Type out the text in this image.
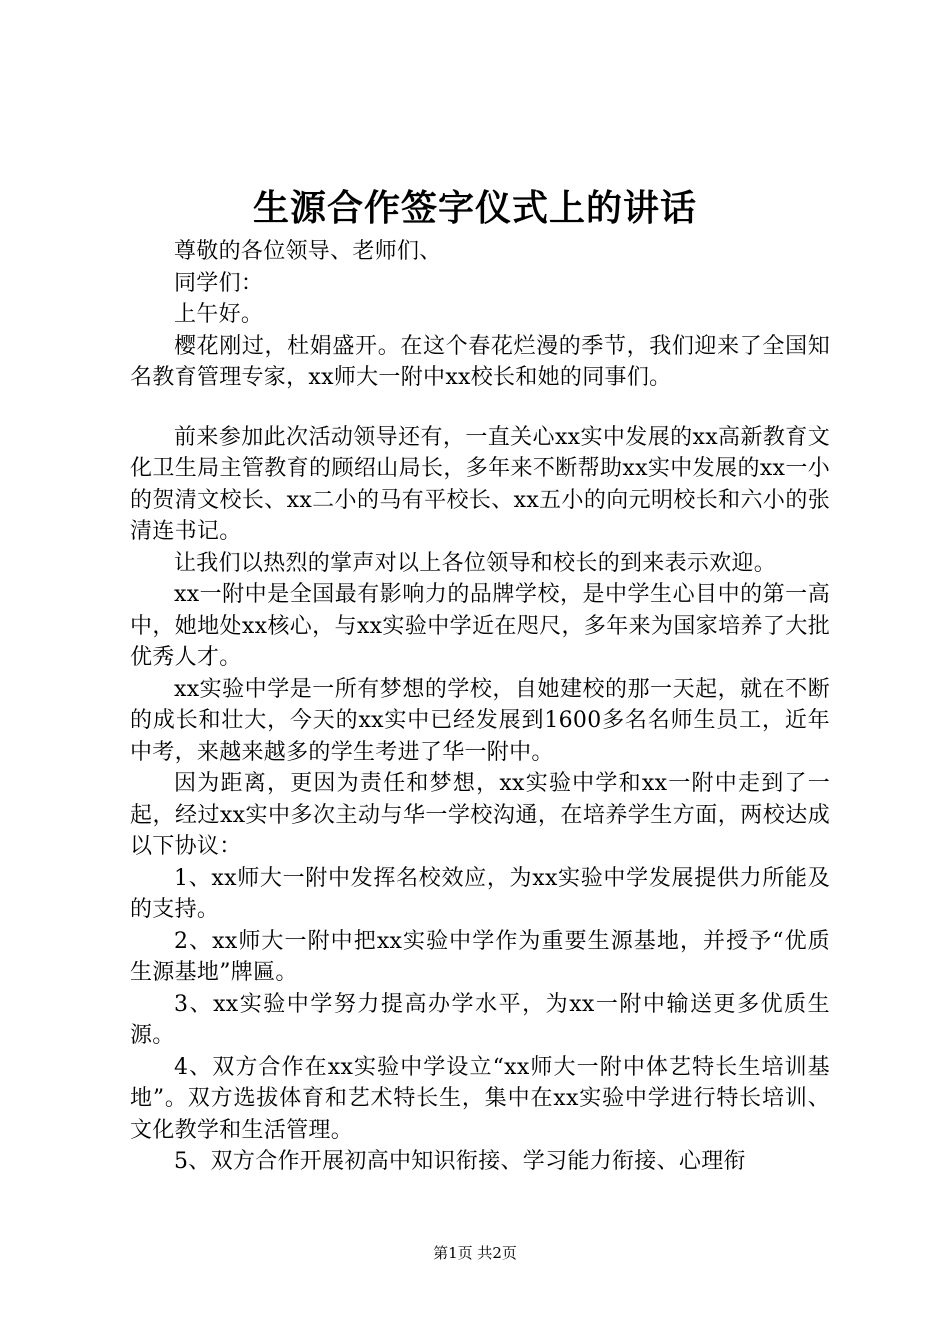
生源合作签字仪式上的讲话

尊敬的各位领导、老师们、

同学们：

上午好。

樱花刚过，杜娟盛开。在这个春花烂漫的季节，我们迎来了全国知名教育管理专家，xx师大一附中xx校长和她的同事们。

前来参加此次活动领导还有，一直关心xx实中发展的xx高新教育文化卫生局主管教育的顾绍山局长，多年来不断帮助xx实中发展的xx一小的贺清文校长、xx二小的马有平校长、xx五小的向元明校长和六小的张清连书记。

让我们以热烈的掌声对以上各位领导和校长的到来表示欢迎。

xx一附中是全国最有影响力的品牌学校，是中学生心目中的第一高中，她地处xx核心，与xx实验中学近在咫尺，多年来为国家培养了大批优秀人才。

xx实验中学是一所有梦想的学校，自她建校的那一天起，就在不断的成长和壮大，今天的xx实中已经发展到1600多名名师生员工，近年中考，来越来越多的学生考进了华一附中。

因为距离，更因为责任和梦想，xx实验中学和xx一附中走到了一起，经过xx实中多次主动与华一学校沟通，在培养学生方面，两校达成以下协议：

1、xx师大一附中发挥名校效应，为xx实验中学发展提供力所能及的支持。

2、xx师大一附中把xx实验中学作为重要生源基地，并授予“优质生源基地”牌匾。

3、xx实验中学努力提高办学水平，为xx一附中输送更多优质生源。

4、双方合作在xx实验中学设立“xx师大一附中体艺特长生培训基地”。双方选拔体育和艺术特长生，集中在xx实验中学进行特长培训、文化教学和生活管理。

5、双方合作开展初高中知识衔接、学习能力衔接、心理衔

第1页 共2页
